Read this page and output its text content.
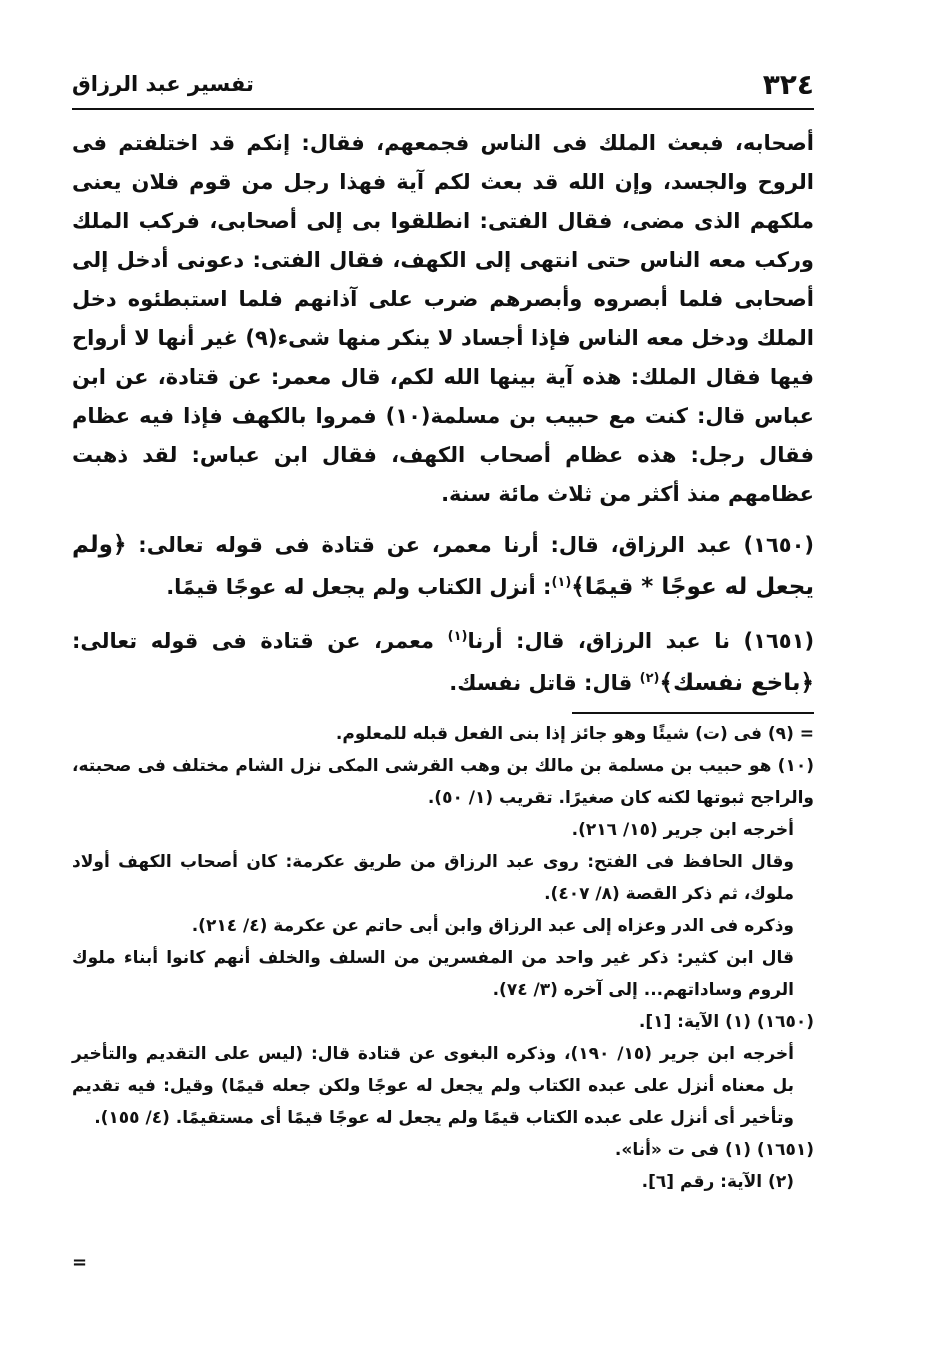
٣٢٤
تفسير عبد الرزاق
أصحابه، فبعث الملك فى الناس فجمعهم، فقال: إنكم قد اختلفتم فى الروح والجسد، وإن الله قد بعث لكم آية فهذا رجل من قوم فلان يعنى ملكهم الذى مضى، فقال الفتى: انطلقوا بى إلى أصحابى، فركب الملك وركب معه الناس حتى انتهى إلى الكهف، فقال الفتى: دعونى أدخل إلى أصحابى فلما أبصروه وأبصرهم ضرب على آذانهم فلما استبطئوه دخل الملك ودخل معه الناس فإذا أجساد لا ينكر منها شىء(٩) غير أنها لا أرواح فيها فقال الملك: هذه آية بينها الله لكم، قال معمر: عن قتادة، عن ابن عباس قال: كنت مع حبيب بن مسلمة(١٠) فمروا بالكهف فإذا فيه عظام فقال رجل: هذه عظام أصحاب الكهف، فقال ابن عباس: لقد ذهبت عظامهم منذ أكثر من ثلاث مائة سنة.
(١٦٥٠) عبد الرزاق، قال: أرنا معمر، عن قتادة فى قوله تعالى: ﴿ولم يجعل له عوجًا * قيمًا﴾$^{(١)}$: أنزل الكتاب ولم يجعل له عوجًا قيمًا.
(١٦٥١) نا عبد الرزاق، قال: أرنا$^{(١)}$ معمر، عن قتادة فى قوله تعالى: ﴿باخع نفسك﴾$^{(٢)}$ قال: قاتل نفسك.
= (٩) فى (ت) شيئًا وهو جائز إذا بنى الفعل قبله للمعلوم.
(١٠) هو حبيب بن مسلمة بن مالك بن وهب القرشى المكى نزل الشام مختلف فى صحبته، والراجح ثبوتها لكنه كان صغيرًا. تقريب (١/ ٥٠).
أخرجه ابن جرير (١٥/ ٢١٦).
وقال الحافظ فى الفتح: روى عبد الرزاق من طريق عكرمة: كان أصحاب الكهف أولاد ملوك، ثم ذكر القصة (٨/ ٤٠٧).
وذكره فى الدر وعزاه إلى عبد الرزاق وابن أبى حاتم عن عكرمة (٤/ ٢١٤).
قال ابن كثير: ذكر غير واحد من المفسرين من السلف والخلف أنهم كانوا أبناء ملوك الروم وساداتهم... إلى آخره (٣/ ٧٤).
(١٦٥٠) (١) الآية: [١].
أخرجه ابن جرير (١٥/ ١٩٠)، وذكره البغوى عن قتادة قال: (ليس على التقديم والتأخير بل معناه أنزل على عبده الكتاب ولم يجعل له عوجًا ولكن جعله قيمًا) وقيل: فيه تقديم وتأخير أى أنزل على عبده الكتاب قيمًا ولم يجعل له عوجًا قيمًا أى مستقيمًا. (٤/ ١٥٥).
(١٦٥١) (١) فى ت «أنا».
(٢) الآية: رقم [٦].
=
